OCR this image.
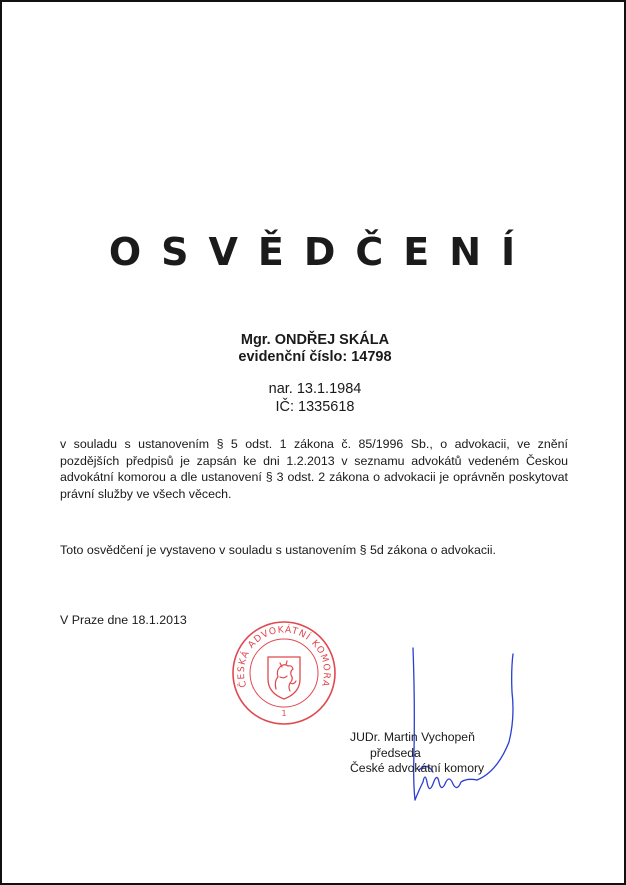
OSVĚDČENÍ
Mgr. ONDŘEJ SKÁLA
evidenční číslo: 14798
nar. 13.1.1984
IČ: 1335618
v souladu s ustanovením § 5 odst. 1 zákona č. 85/1996 Sb., o advokacii, ve znění pozdějších předpisů je zapsán ke dni 1.2.2013 v seznamu advokátů vedeném Českou advokátní komorou a dle ustanovení § 3 odst. 2 zákona o advokacii je oprávněn poskytovat právní služby ve všech věcech.
Toto osvědčení je vystaveno v souladu s ustanovením § 5d zákona o advokacii.
V Praze dne 18.1.2013
ČESKÁ ADVOKÁTNÍ KOMORA
1
JUDr. Martin Vychopeň
předseda
České advokátní komory
